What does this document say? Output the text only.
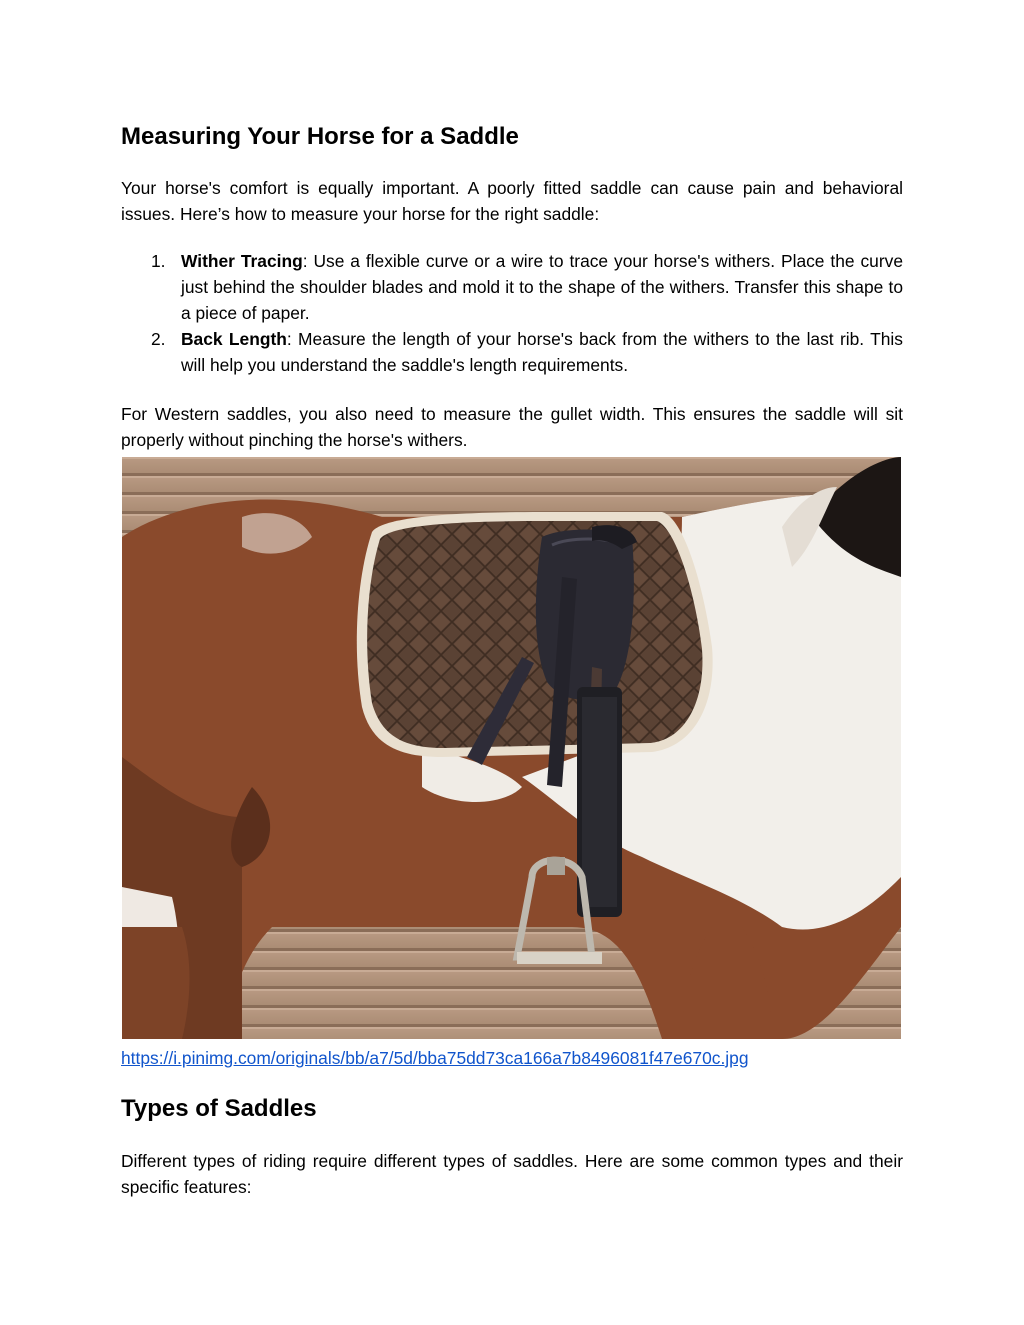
Measuring Your Horse for a Saddle

Your horse's comfort is equally important. A poorly fitted saddle can cause pain and behavioral issues. Here’s how to measure your horse for the right saddle:

1. Wither Tracing: Use a flexible curve or a wire to trace your horse's withers. Place the curve just behind the shoulder blades and mold it to the shape of the withers. Transfer this shape to a piece of paper.
2. Back Length: Measure the length of your horse's back from the withers to the last rib. This will help you understand the saddle's length requirements.

For Western saddles, you also need to measure the gullet width. This ensures the saddle will sit properly without pinching the horse's withers.

https://i.pinimg.com/originals/bb/a7/5d/bba75dd73ca166a7b8496081f47e670c.jpg
Types of Saddles

Different types of riding require different types of saddles. Here are some common types and their specific features:
